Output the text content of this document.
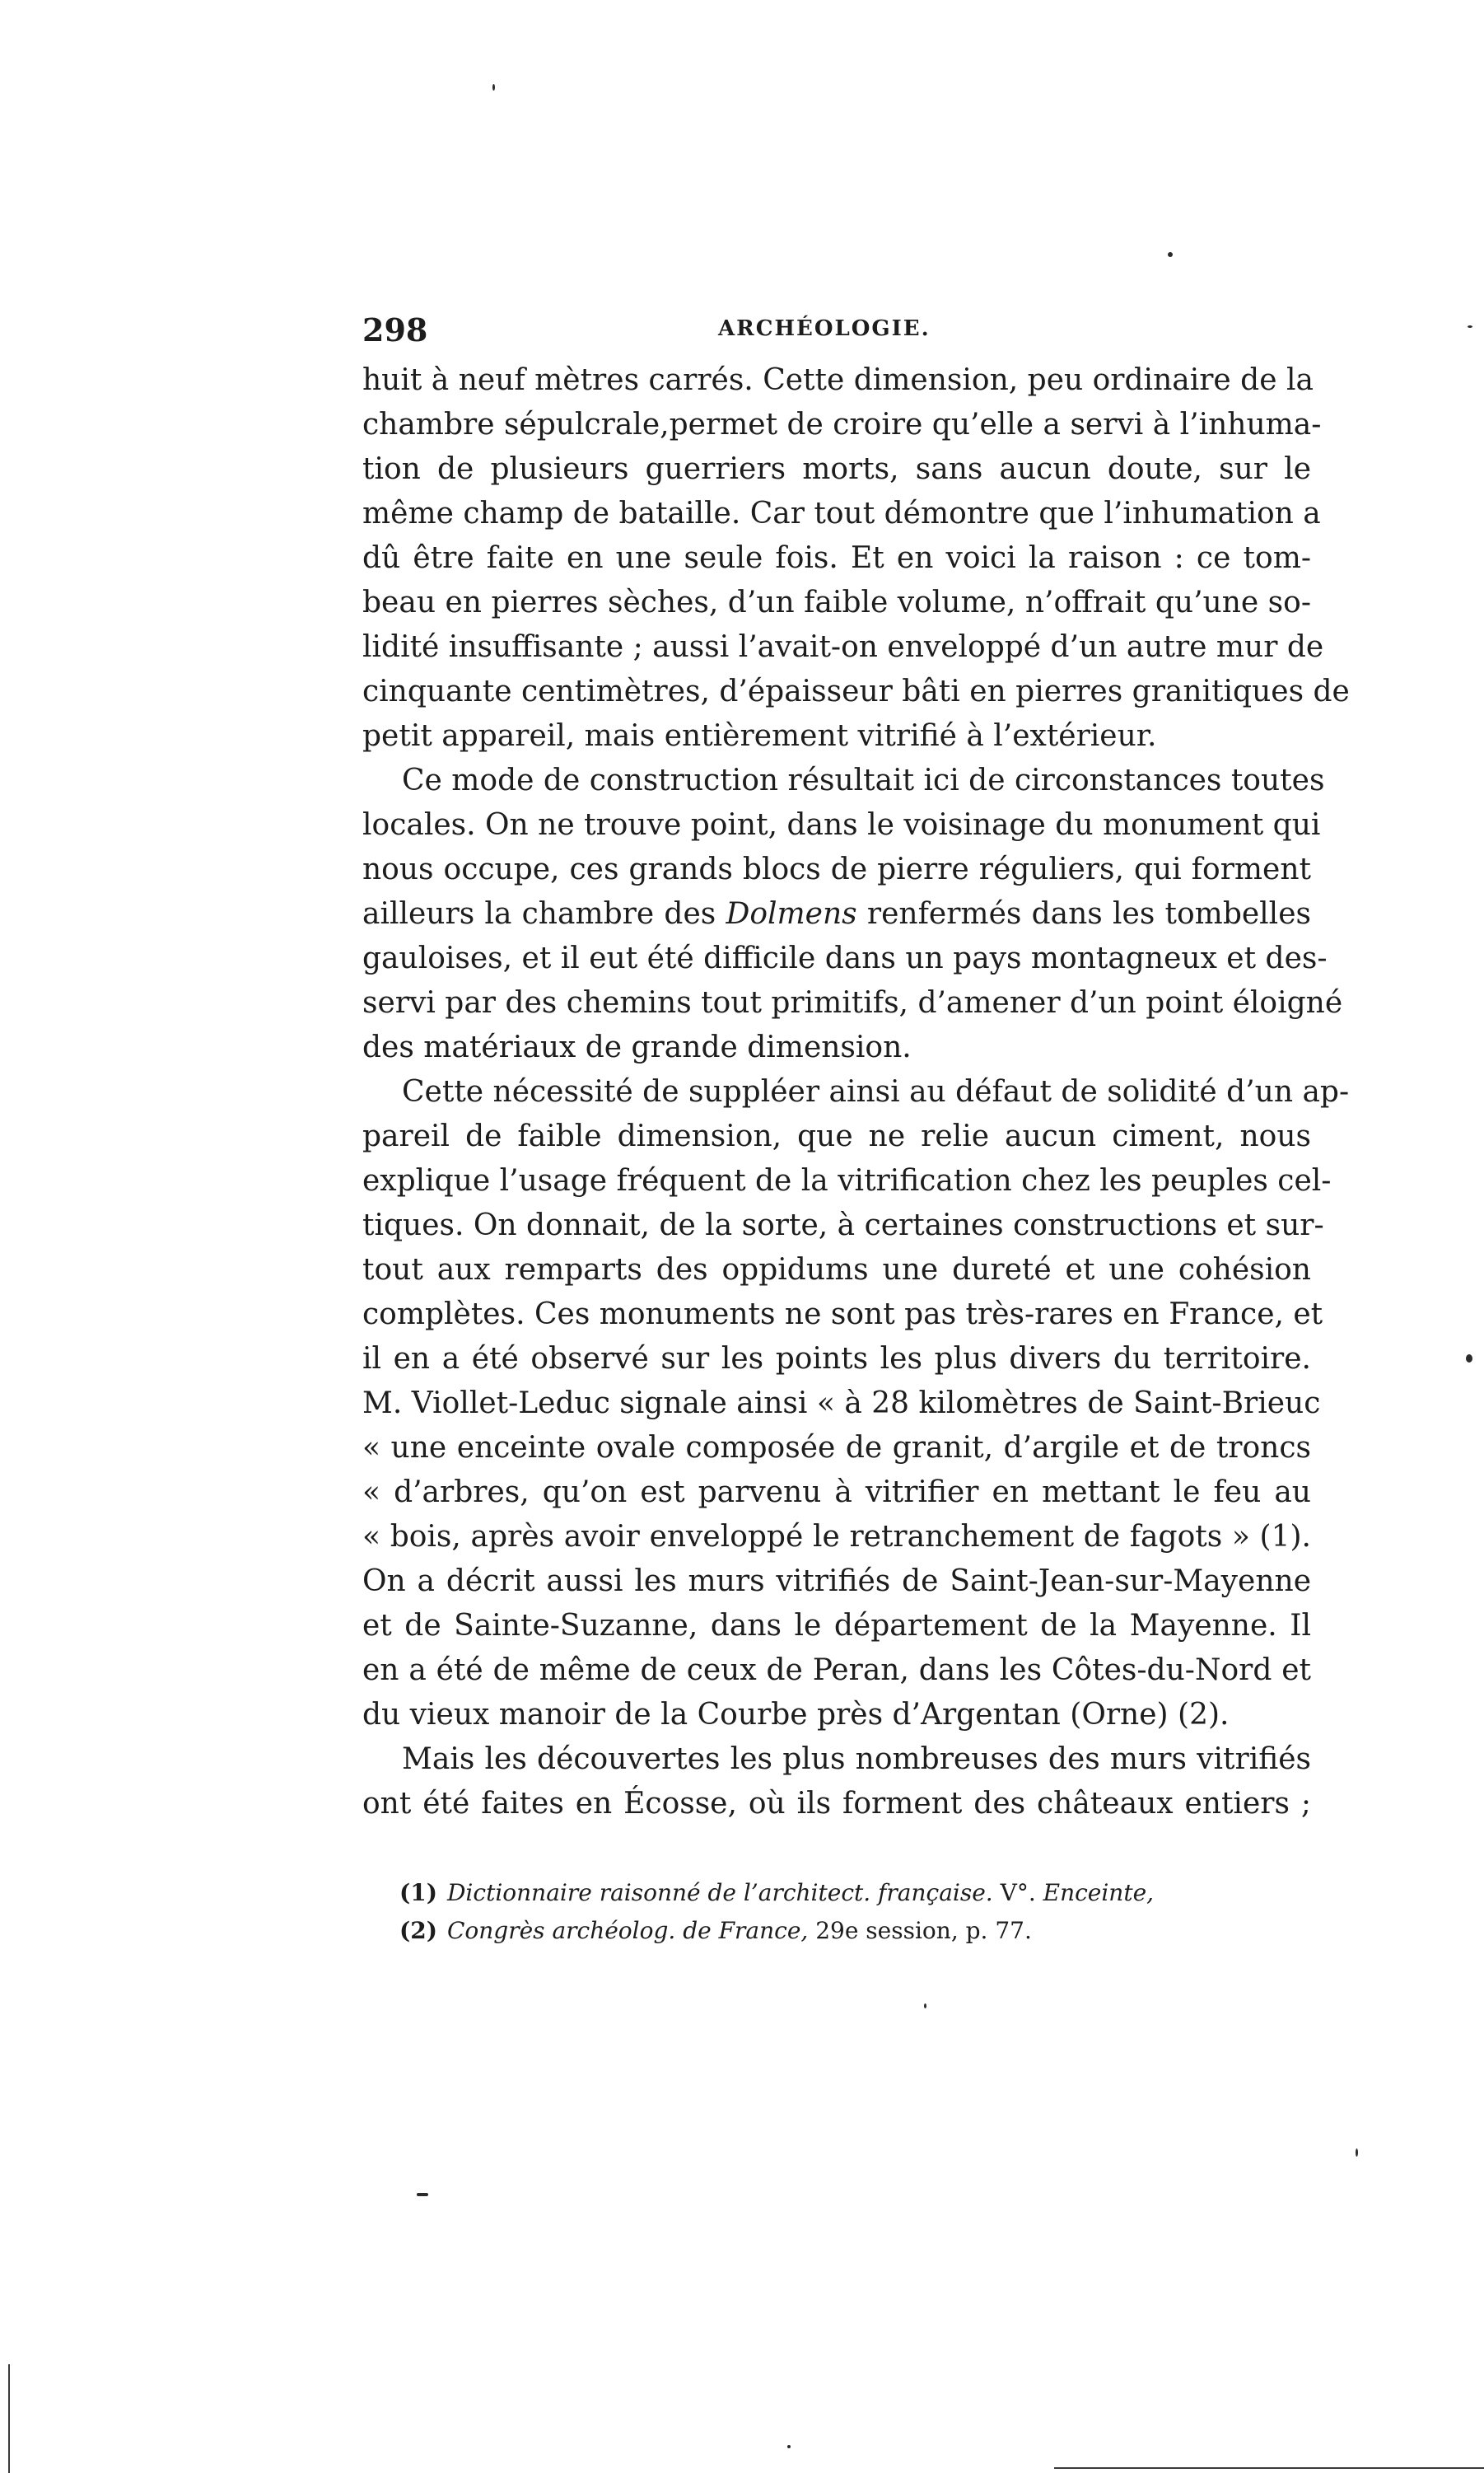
298	ARCHÉOLOGIE.
huit à neuf mètres carrés. Cette dimension, peu ordinaire de la
chambre sépulcrale,permet de croire qu’elle a servi à l’inhuma-
tion de plusieurs guerriers morts, sans aucun doute, sur le
même champ de bataille. Car tout démontre que l’inhumation a
dû être faite en une seule fois. Et en voici la raison : ce tom-
beau en pierres sèches, d’un faible volume, n’offrait qu’une so-
lidité insuffisante ; aussi l’avait-on enveloppé d’un autre mur de
cinquante centimètres, d’épaisseur bâti en pierres granitiques de
petit appareil, mais entièrement vitrifié à l’extérieur.
Ce mode de construction résultait ici de circonstances toutes
locales. On ne trouve point, dans le voisinage du monument qui
nous occupe, ces grands blocs de pierre réguliers, qui forment
ailleurs la chambre des Dolmens renfermés dans les tombelles
gauloises, et il eut été difficile dans un pays montagneux et des-
servi par des chemins tout primitifs, d’amener d’un point éloigné
des matériaux de grande dimension.
Cette nécessité de suppléer ainsi au défaut de solidité d’un ap-
pareil de faible dimension, que ne relie aucun ciment, nous
explique l’usage fréquent de la vitrification chez les peuples cel-
tiques. On donnait, de la sorte, à certaines constructions et sur-
tout aux remparts des oppidums une dureté et une cohésion
complètes. Ces monuments ne sont pas très-rares en France, et
il en a été observé sur les points les plus divers du territoire.
M. Viollet-Leduc signale ainsi « à 28 kilomètres de Saint-Brieuc
« une enceinte ovale composée de granit, d’argile et de troncs
« d’arbres, qu’on est parvenu à vitrifier en mettant le feu au
« bois, après avoir enveloppé le retranchement de fagots » (1).
On a décrit aussi les murs vitrifiés de Saint-Jean-sur-Mayenne
et de Sainte-Suzanne, dans le département de la Mayenne. Il
en a été de même de ceux de Peran, dans les Côtes-du-Nord et
du vieux manoir de la Courbe près d’Argentan (Orne) (2).
Mais les découvertes les plus nombreuses des murs vitrifiés
ont été faites en Écosse, où ils forment des châteaux entiers ;
(1) Dictionnaire raisonné de l’architect. française. V°. Enceinte,
(2) Congrès archéolog. de France, 29e session, p. 77.
